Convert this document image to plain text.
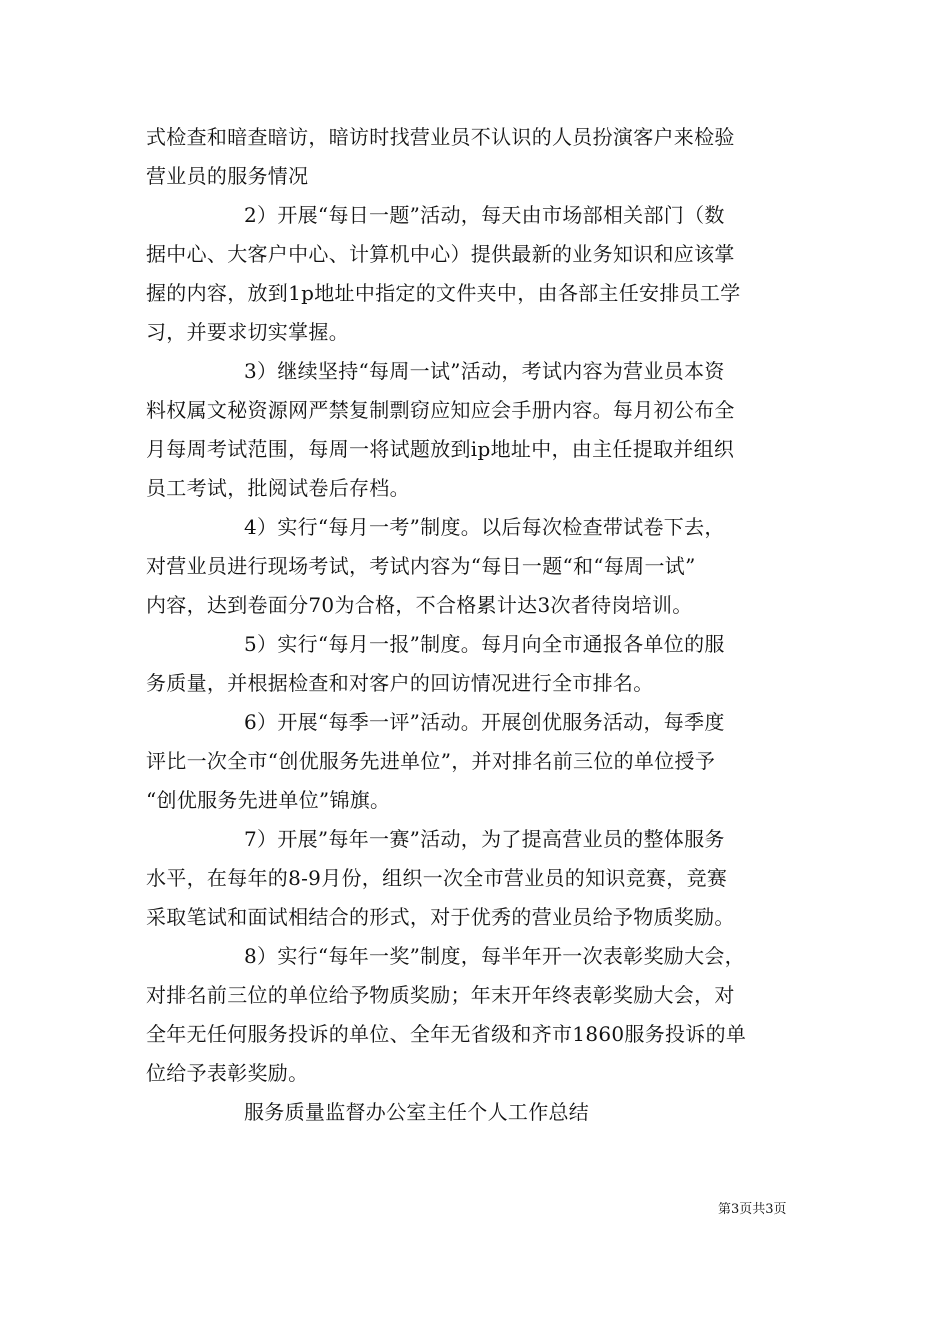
式检查和暗查暗访，暗访时找营业员不认识的人员扮演客户来检验
营业员的服务情况
2）开展“每日一题”活动，每天由市场部相关部门（数
据中心、大客户中心、计算机中心）提供最新的业务知识和应该掌
握的内容，放到1p地址中指定的文件夹中，由各部主任安排员工学
习，并要求切实掌握。
3）继续坚持“每周一试”活动，考试内容为营业员本资
料权属文秘资源网严禁复制剽窃应知应会手册内容。每月初公布全
月每周考试范围，每周一将试题放到ip地址中，由主任提取并组织
员工考试，批阅试卷后存档。
4）实行“每月一考”制度。以后每次检查带试卷下去，
对营业员进行现场考试，考试内容为“每日一题“和“每周一试”
内容，达到卷面分70为合格，不合格累计达3次者待岗培训。
5）实行“每月一报”制度。每月向全市通报各单位的服
务质量，并根据检查和对客户的回访情况进行全市排名。
6）开展“每季一评”活动。开展创优服务活动，每季度
评比一次全市“创优服务先进单位”，并对排名前三位的单位授予
“创优服务先进单位”锦旗。
7）开展”每年一赛”活动，为了提高营业员的整体服务
水平，在每年的8-9月份，组织一次全市营业员的知识竞赛，竞赛
采取笔试和面试相结合的形式，对于优秀的营业员给予物质奖励。
8）实行“每年一奖”制度，每半年开一次表彰奖励大会，
对排名前三位的单位给予物质奖励；年末开年终表彰奖励大会，对
全年无任何服务投诉的单位、全年无省级和齐市1860服务投诉的单
位给予表彰奖励。
服务质量监督办公室主任个人工作总结
第3页共3页
